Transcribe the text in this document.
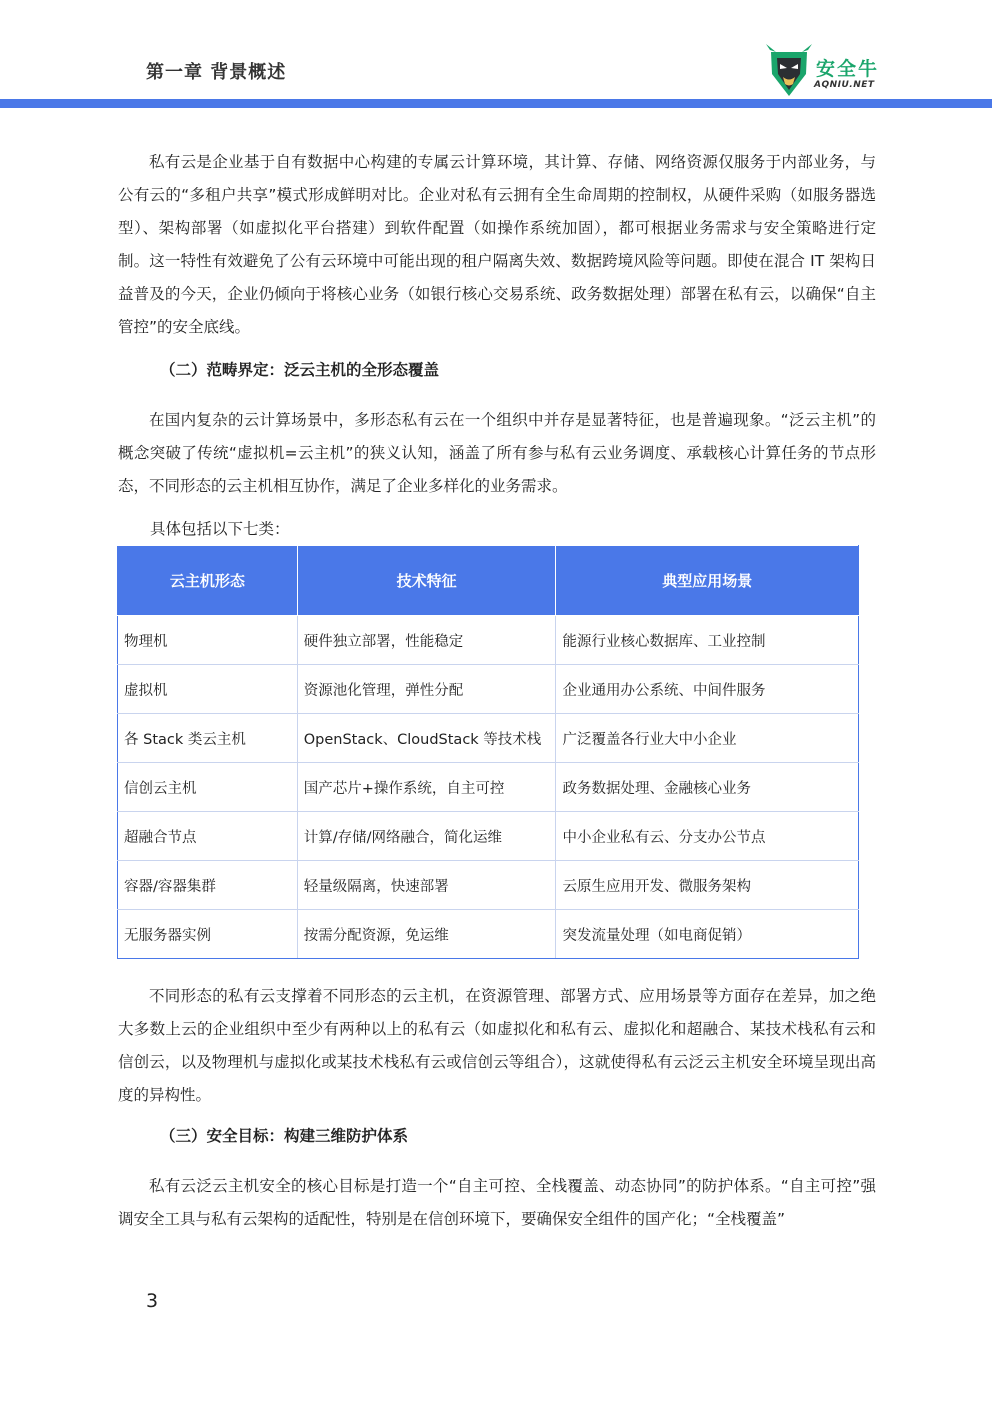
第一章 背景概述	安全牛
AQNIU.NET

私有云是企业基于自有数据中心构建的专属云计算环境，其计算、存储、网络资源仅服务于内部业务，与公有云的“多租户共享”模式形成鲜明对比。企业对私有云拥有全生命周期的控制权，从硬件采购（如服务器选型）、架构部署（如虚拟化平台搭建）到软件配置（如操作系统加固），都可根据业务需求与安全策略进行定制。这一特性有效避免了公有云环境中可能出现的租户隔离失效、数据跨境风险等问题。即使在混合 IT 架构日益普及的今天，企业仍倾向于将核心业务（如银行核心交易系统、政务数据处理）部署在私有云，以确保“自主管控”的安全底线。

（二）范畴界定：泛云主机的全形态覆盖

在国内复杂的云计算场景中，多形态私有云在一个组织中并存是显著特征，也是普遍现象。“泛云主机”的概念突破了传统“虚拟机=云主机”的狭义认知，涵盖了所有参与私有云业务调度、承载核心计算任务的节点形态，不同形态的云主机相互协作，满足了企业多样化的业务需求。

具体包括以下七类：
云主机形态	技术特征	典型应用场景
物理机	硬件独立部署，性能稳定	能源行业核心数据库、工业控制
虚拟机	资源池化管理，弹性分配	企业通用办公系统、中间件服务
各 Stack 类云主机	OpenStack、CloudStack 等技术栈	广泛覆盖各行业大中小企业
信创云主机	国产芯片+操作系统，自主可控	政务数据处理、金融核心业务
超融合节点	计算/存储/网络融合，简化运维	中小企业私有云、分支办公节点
容器/容器集群	轻量级隔离，快速部署	云原生应用开发、微服务架构
无服务器实例	按需分配资源，免运维	突发流量处理（如电商促销）

不同形态的私有云支撑着不同形态的云主机，在资源管理、部署方式、应用场景等方面存在差异，加之绝大多数上云的企业组织中至少有两种以上的私有云（如虚拟化和私有云、虚拟化和超融合、某技术栈私有云和信创云，以及物理机与虚拟化或某技术栈私有云或信创云等组合），这就使得私有云泛云主机安全环境呈现出高度的异构性。

（三）安全目标：构建三维防护体系

私有云泛云主机安全的核心目标是打造一个“自主可控、全栈覆盖、动态协同”的防护体系。“自主可控”强调安全工具与私有云架构的适配性，特别是在信创环境下，要确保安全组件的国产化；“全栈覆盖”

3
